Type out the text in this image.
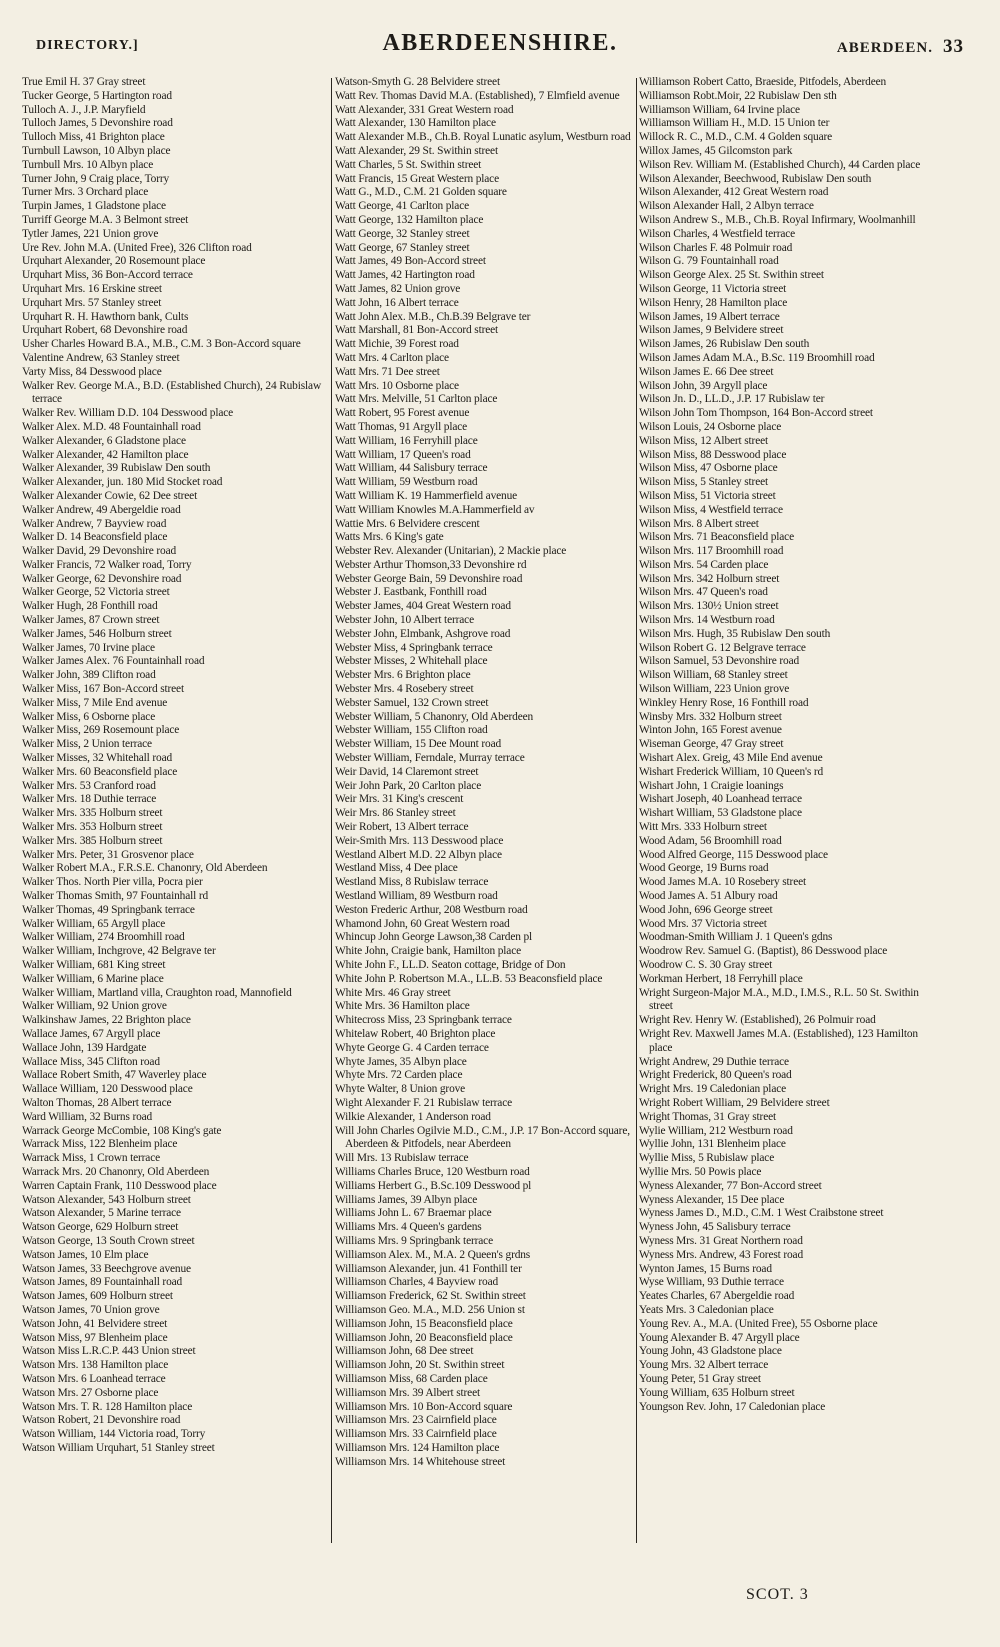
DIRECTORY.]	ABERDEENSHIRE.	ABERDEEN. 33
True Emil H. 37 Gray street
Tucker George, 5 Hartington road
Tulloch A. J., J.P. Maryfield
Tulloch James, 5 Devonshire road
Tulloch Miss, 41 Brighton place
Turnbull Lawson, 10 Albyn place
Turnbull Mrs. 10 Albyn place
Turner John, 9 Craig place, Torry
Turner Mrs. 3 Orchard place
Turpin James, 1 Gladstone place
Turriff George M.A. 3 Belmont street
Tytler James, 221 Union grove
Ure Rev. John M.A. (United Free), 326 Clifton road
Urquhart Alexander, 20 Rosemount place
Urquhart Miss, 36 Bon-Accord terrace
Urquhart Mrs. 16 Erskine street
Urquhart Mrs. 57 Stanley street
Urquhart R. H. Hawthorn bank, Cults
Urquhart Robert, 68 Devonshire road
Usher Charles Howard B.A., M.B., C.M. 3 Bon-Accord square
Valentine Andrew, 63 Stanley street
Varty Miss, 84 Desswood place
Walker Rev. George M.A., B.D. (Established Church), 24 Rubislaw terrace
Walker Rev. William D.D. 104 Desswood place
Walker Alex. M.D. 48 Fountainhall road
Walker Alexander, 6 Gladstone place
Walker Alexander, 42 Hamilton place
Walker Alexander, 39 Rubislaw Den south
Walker Alexander, jun. 180 Mid Stocket road
Walker Alexander Cowie, 62 Dee street
Walker Andrew, 49 Abergeldie road
Walker Andrew, 7 Bayview road
Walker D. 14 Beaconsfield place
Walker David, 29 Devonshire road
Walker Francis, 72 Walker road, Torry
Walker George, 62 Devonshire road
Walker George, 52 Victoria street
Walker Hugh, 28 Fonthill road
Walker James, 87 Crown street
Walker James, 546 Holburn street
Walker James, 70 Irvine place
Walker James Alex. 76 Fountainhall road
Walker John, 389 Clifton road
Walker Miss, 167 Bon-Accord street
Walker Miss, 7 Mile End avenue
Walker Miss, 6 Osborne place
Walker Miss, 269 Rosemount place
Walker Miss, 2 Union terrace
Walker Misses, 32 Whitehall road
Walker Mrs. 60 Beaconsfield place
Walker Mrs. 53 Cranford road
Walker Mrs. 18 Duthie terrace
Walker Mrs. 335 Holburn street
Walker Mrs. 353 Holburn street
Walker Mrs. 385 Holburn street
Walker Mrs. Peter, 31 Grosvenor place
Walker Robert M.A., F.R.S.E. Chanonry, Old Aberdeen
Walker Thos. North Pier villa, Pocra pier
Walker Thomas Smith, 97 Fountainhall rd
Walker Thomas, 49 Springbank terrace
Walker William, 65 Argyll place
Walker William, 274 Broomhill road
Walker William, Inchgrove, 42 Belgrave ter
Walker William, 681 King street
Walker William, 6 Marine place
Walker William, Martland villa, Craughton road, Mannofield
Walker William, 92 Union grove
Walkinshaw James, 22 Brighton place
Wallace James, 67 Argyll place
Wallace John, 139 Hardgate
Wallace Miss, 345 Clifton road
Wallace Robert Smith, 47 Waverley place
Wallace William, 120 Desswood place
Walton Thomas, 28 Albert terrace
Ward William, 32 Burns road
Warrack George McCombie, 108 King's gate
Warrack Miss, 122 Blenheim place
Warrack Miss, 1 Crown terrace
Warrack Mrs. 20 Chanonry, Old Aberdeen
Warren Captain Frank, 110 Desswood place
Watson Alexander, 543 Holburn street
Watson Alexander, 5 Marine terrace
Watson George, 629 Holburn street
Watson George, 13 South Crown street
Watson James, 10 Elm place
Watson James, 33 Beechgrove avenue
Watson James, 89 Fountainhall road
Watson James, 609 Holburn street
Watson James, 70 Union grove
Watson John, 41 Belvidere street
Watson Miss, 97 Blenheim place
Watson Miss L.R.C.P. 443 Union street
Watson Mrs. 138 Hamilton place
Watson Mrs. 6 Loanhead terrace
Watson Mrs. 27 Osborne place
Watson Mrs. T. R. 128 Hamilton place
Watson Robert, 21 Devonshire road
Watson William, 144 Victoria road, Torry
Watson William Urquhart, 51 Stanley street
Watson-Smyth G. 28 Belvidere street
Watt Rev. Thomas David M.A. (Established), 7 Elmfield avenue
Watt Alexander, 331 Great Western road
Watt Alexander, 130 Hamilton place
Watt Alexander M.B., Ch.B. Royal Lunatic asylum, Westburn road
Watt Alexander, 29 St. Swithin street
Watt Charles, 5 St. Swithin street
Watt Francis, 15 Great Western place
Watt G., M.D., C.M. 21 Golden square
Watt George, 41 Carlton place
Watt George, 132 Hamilton place
Watt George, 32 Stanley street
Watt George, 67 Stanley street
Watt James, 49 Bon-Accord street
Watt James, 42 Hartington road
Watt James, 82 Union grove
Watt John, 16 Albert terrace
Watt John Alex. M.B., Ch.B.39 Belgrave ter
Watt Marshall, 81 Bon-Accord street
Watt Michie, 39 Forest road
Watt Mrs. 4 Carlton place
Watt Mrs. 71 Dee street
Watt Mrs. 10 Osborne place
Watt Mrs. Melville, 51 Carlton place
Watt Robert, 95 Forest avenue
Watt Thomas, 91 Argyll place
Watt William, 16 Ferryhill place
Watt William, 17 Queen's road
Watt William, 44 Salisbury terrace
Watt William, 59 Westburn road
Watt William K. 19 Hammerfield avenue
Watt William Knowles M.A.Hammerfield av
Wattie Mrs. 6 Belvidere crescent
Watts Mrs. 6 King's gate
Webster Rev. Alexander (Unitarian), 2 Mackie place
Webster Arthur Thomson,33 Devonshire rd
Webster George Bain, 59 Devonshire road
Webster J. Eastbank, Fonthill road
Webster James, 404 Great Western road
Webster John, 10 Albert terrace
Webster John, Elmbank, Ashgrove road
Webster Miss, 4 Springbank terrace
Webster Misses, 2 Whitehall place
Webster Mrs. 6 Brighton place
Webster Mrs. 4 Rosebery street
Webster Samuel, 132 Crown street
Webster William, 5 Chanonry, Old Aberdeen
Webster William, 155 Clifton road
Webster William, 15 Dee Mount road
Webster William, Ferndale, Murray terrace
Weir David, 14 Claremont street
Weir John Park, 20 Carlton place
Weir Mrs. 31 King's crescent
Weir Mrs. 86 Stanley street
Weir Robert, 13 Albert terrace
Weir-Smith Mrs. 113 Desswood place
Westland Albert M.D. 22 Albyn place
Westland Miss, 4 Dee place
Westland Miss, 8 Rubislaw terrace
Westland William, 89 Westburn road
Weston Frederic Arthur, 208 Westburn road
Whamond John, 60 Great Western road
Whincup John George Lawson,38 Carden pl
White John, Craigie bank, Hamilton place
White John F., LL.D. Seaton cottage, Bridge of Don
White John P. Robertson M.A., LL.B. 53 Beaconsfield place
White Mrs. 46 Gray street
White Mrs. 36 Hamilton place
Whitecross Miss, 23 Springbank terrace
Whitelaw Robert, 40 Brighton place
Whyte George G. 4 Carden terrace
Whyte James, 35 Albyn place
Whyte Mrs. 72 Carden place
Whyte Walter, 8 Union grove
Wight Alexander F. 21 Rubislaw terrace
Wilkie Alexander, 1 Anderson road
Will John Charles Ogilvie M.D., C.M., J.P. 17 Bon-Accord square, Aberdeen & Pitfodels, near Aberdeen
Will Mrs. 13 Rubislaw terrace
Williams Charles Bruce, 120 Westburn road
Williams Herbert G., B.Sc.109 Desswood pl
Williams James, 39 Albyn place
Williams John L. 67 Braemar place
Williams Mrs. 4 Queen's gardens
Williams Mrs. 9 Springbank terrace
Williamson Alex. M., M.A. 2 Queen's grdns
Williamson Alexander, jun. 41 Fonthill ter
Williamson Charles, 4 Bayview road
Williamson Frederick, 62 St. Swithin street
Williamson Geo. M.A., M.D. 256 Union st
Williamson John, 15 Beaconsfield place
Williamson John, 20 Beaconsfield place
Williamson John, 68 Dee street
Williamson John, 20 St. Swithin street
Williamson Miss, 68 Carden place
Williamson Mrs. 39 Albert street
Williamson Mrs. 10 Bon-Accord square
Williamson Mrs. 23 Cairnfield place
Williamson Mrs. 33 Cairnfield place
Williamson Mrs. 124 Hamilton place
Williamson Mrs. 14 Whitehouse street
Williamson Robert Catto, Braeside, Pitfodels, Aberdeen
Williamson Robt.Moir, 22 Rubislaw Den sth
Williamson William, 64 Irvine place
Williamson William H., M.D. 15 Union ter
Willock R. C., M.D., C.M. 4 Golden square
Willox James, 45 Gilcomston park
Wilson Rev. William M. (Established Church), 44 Carden place
Wilson Alexander, Beechwood, Rubislaw Den south
Wilson Alexander, 412 Great Western road
Wilson Alexander Hall, 2 Albyn terrace
Wilson Andrew S., M.B., Ch.B. Royal Infirmary, Woolmanhill
Wilson Charles, 4 Westfield terrace
Wilson Charles F. 48 Polmuir road
Wilson G. 79 Fountainhall road
Wilson George Alex. 25 St. Swithin street
Wilson George, 11 Victoria street
Wilson Henry, 28 Hamilton place
Wilson James, 19 Albert terrace
Wilson James, 9 Belvidere street
Wilson James, 26 Rubislaw Den south
Wilson James Adam M.A., B.Sc. 119 Broomhill road
Wilson James E. 66 Dee street
Wilson John, 39 Argyll place
Wilson Jn. D., LL.D., J.P. 17 Rubislaw ter
Wilson John Tom Thompson, 164 Bon-Accord street
Wilson Louis, 24 Osborne place
Wilson Miss, 12 Albert street
Wilson Miss, 88 Desswood place
Wilson Miss, 47 Osborne place
Wilson Miss, 5 Stanley street
Wilson Miss, 51 Victoria street
Wilson Miss, 4 Westfield terrace
Wilson Mrs. 8 Albert street
Wilson Mrs. 71 Beaconsfield place
Wilson Mrs. 117 Broomhill road
Wilson Mrs. 54 Carden place
Wilson Mrs. 342 Holburn street
Wilson Mrs. 47 Queen's road
Wilson Mrs. 130½ Union street
Wilson Mrs. 14 Westburn road
Wilson Mrs. Hugh, 35 Rubislaw Den south
Wilson Robert G. 12 Belgrave terrace
Wilson Samuel, 53 Devonshire road
Wilson William, 68 Stanley street
Wilson William, 223 Union grove
Winkley Henry Rose, 16 Fonthill road
Winsby Mrs. 332 Holburn street
Winton John, 165 Forest avenue
Wiseman George, 47 Gray street
Wishart Alex. Greig, 43 Mile End avenue
Wishart Frederick William, 10 Queen's rd
Wishart John, 1 Craigie loanings
Wishart Joseph, 40 Loanhead terrace
Wishart William, 53 Gladstone place
Witt Mrs. 333 Holburn street
Wood Adam, 56 Broomhill road
Wood Alfred George, 115 Desswood place
Wood George, 19 Burns road
Wood James M.A. 10 Rosebery street
Wood James A. 51 Albury road
Wood John, 696 George street
Wood Mrs. 37 Victoria street
Woodman-Smith William J. 1 Queen's gdns
Woodrow Rev. Samuel G. (Baptist), 86 Desswood place
Woodrow C. S. 30 Gray street
Workman Herbert, 18 Ferryhill place
Wright Surgeon-Major M.A., M.D., I.M.S., R.L. 50 St. Swithin street
Wright Rev. Henry W. (Established), 26 Polmuir road
Wright Rev. Maxwell James M.A. (Established), 123 Hamilton place
Wright Andrew, 29 Duthie terrace
Wright Frederick, 80 Queen's road
Wright Mrs. 19 Caledonian place
Wright Robert William, 29 Belvidere street
Wright Thomas, 31 Gray street
Wylie William, 212 Westburn road
Wyllie John, 131 Blenheim place
Wyllie Miss, 5 Rubislaw place
Wyllie Mrs. 50 Powis place
Wyness Alexander, 77 Bon-Accord street
Wyness Alexander, 15 Dee place
Wyness James D., M.D., C.M. 1 West Craibstone street
Wyness John, 45 Salisbury terrace
Wyness Mrs. 31 Great Northern road
Wyness Mrs. Andrew, 43 Forest road
Wynton James, 15 Burns road
Wyse William, 93 Duthie terrace
Yeates Charles, 67 Abergeldie road
Yeats Mrs. 3 Caledonian place
Young Rev. A., M.A. (United Free), 55 Osborne place
Young Alexander B. 47 Argyll place
Young John, 43 Gladstone place
Young Mrs. 32 Albert terrace
Young Peter, 51 Gray street
Young William, 635 Holburn street
Youngson Rev. John, 17 Caledonian place
SCOT. 3
